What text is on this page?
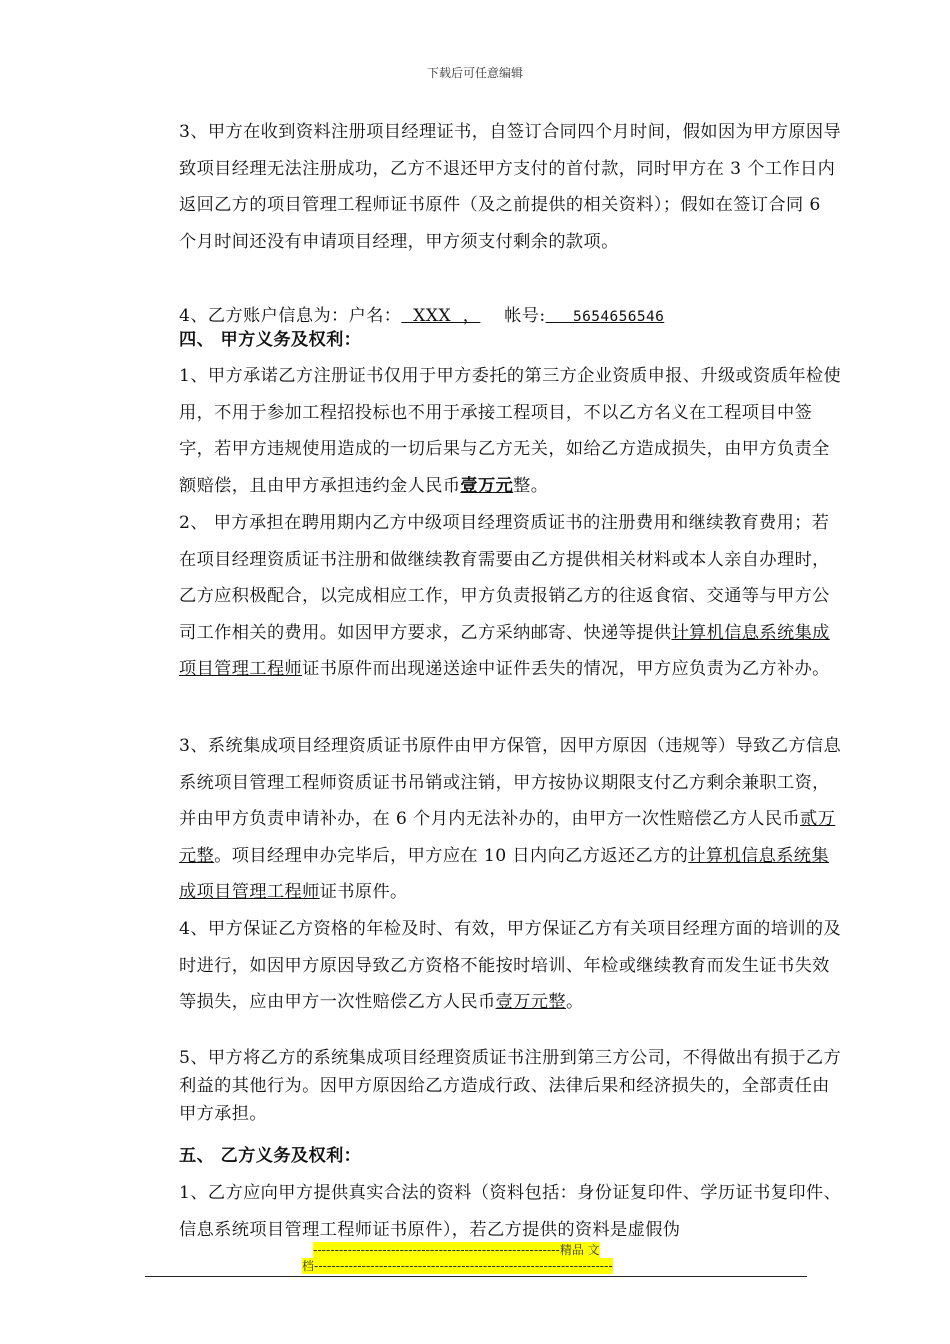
下载后可任意编辑
3、甲方在收到资料注册项目经理证书，自签订合同四个月时间，假如因为甲方原因导致项目经理无法注册成功，乙方不退还甲方支付的首付款，同时甲方在 3 个工作日内返回乙方的项目管理工程师证书原件（及之前提供的相关资料）；假如在签订合同 6 个月时间还没有申请项目经理，甲方须支付剩余的款项。
4、乙方账户信息为：户名：  XXX  ， 帐号:   5654656546
四、 甲方义务及权利：
1、甲方承诺乙方注册证书仅用于甲方委托的第三方企业资质申报、升级或资质年检使用，不用于参加工程招投标也不用于承接工程项目，不以乙方名义在工程项目中签字，若甲方违规使用造成的一切后果与乙方无关，如给乙方造成损失，由甲方负责全额赔偿，且由甲方承担违约金人民币壹万元整。
2、 甲方承担在聘用期内乙方中级项目经理资质证书的注册费用和继续教育费用；若在项目经理资质证书注册和做继续教育需要由乙方提供相关材料或本人亲自办理时，乙方应积极配合，以完成相应工作，甲方负责报销乙方的往返食宿、交通等与甲方公司工作相关的费用。如因甲方要求，乙方采纳邮寄、快递等提供计算机信息系统集成项目管理工程师证书原件而出现递送途中证件丢失的情况，甲方应负责为乙方补办。
3、系统集成项目经理资质证书原件由甲方保管，因甲方原因（违规等）导致乙方信息系统项目管理工程师资质证书吊销或注销，甲方按协议期限支付乙方剩余兼职工资，并由甲方负责申请补办，在 6 个月内无法补办的，由甲方一次性赔偿乙方人民币贰万元整。项目经理申办完毕后，甲方应在 10 日内向乙方返还乙方的计算机信息系统集成项目管理工程师证书原件。
4、甲方保证乙方资格的年检及时、有效，甲方保证乙方有关项目经理方面的培训的及时进行，如因甲方原因导致乙方资格不能按时培训、年检或继续教育而发生证书失效等损失，应由甲方一次性赔偿乙方人民币壹万元整。
5、甲方将乙方的系统集成项目经理资质证书注册到第三方公司，不得做出有损于乙方利益的其他行为。因甲方原因给乙方造成行政、法律后果和经济损失的，全部责任由甲方承担。
五、 乙方义务及权利：
1、乙方应向甲方提供真实合法的资料（资料包括：身份证复印件、学历证书复印件、信息系统项目管理工程师证书原件），若乙方提供的资料是虚假伪
---------------------------------------------------------精品 文
档---------------------------------------------------------------------
